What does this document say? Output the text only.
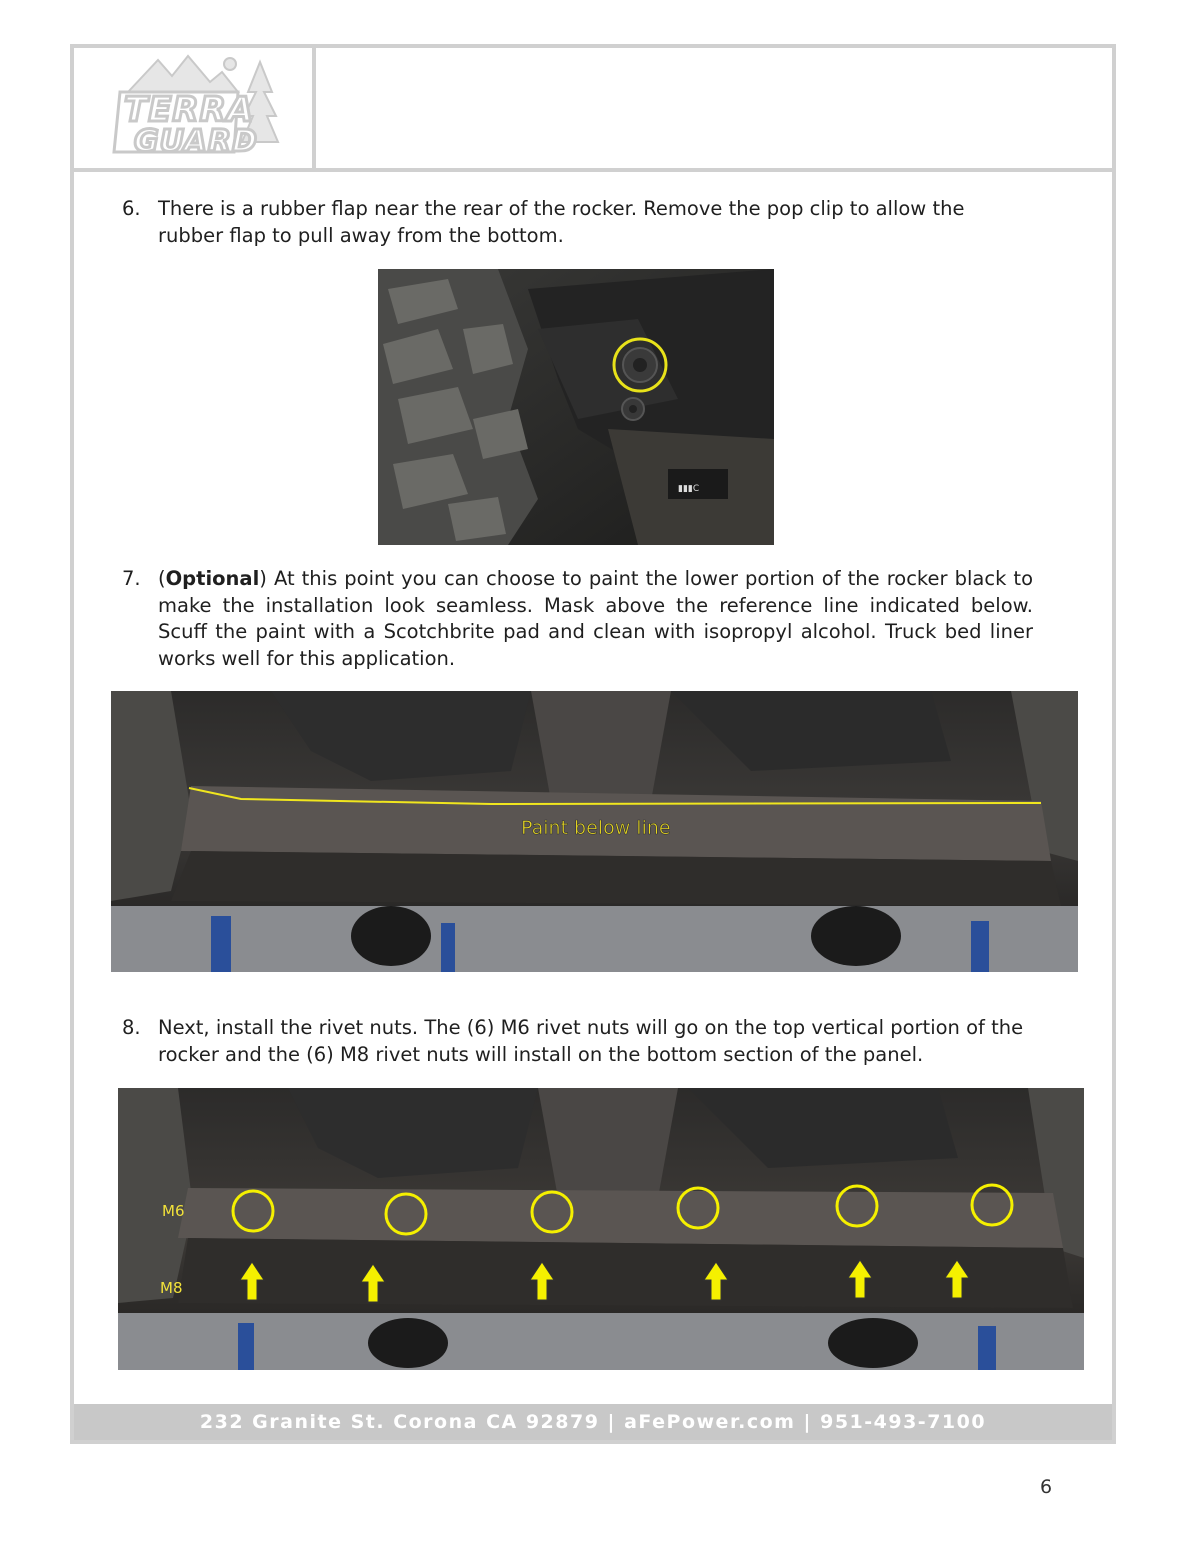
TERRA
GUARD
6. There is a rubber flap near the rear of the rocker. Remove the pop clip to allow the rubber flap to pull away from the bottom.
▮▮▮C
7. (Optional) At this point you can choose to paint the lower portion of the rocker black to make the installation look seamless. Mask above the reference line indicated below. Scuff the paint with a Scotchbrite pad and clean with isopropyl alcohol. Truck bed liner works well for this application.
Paint below line
8. Next, install the rivet nuts. The (6) M6 rivet nuts will go on the top vertical portion of the rocker and the (6) M8 rivet nuts will install on the bottom section of the panel.
M6
M8
232 Granite St. Corona CA 92879 | aFePower.com | 951-493-7100
6
